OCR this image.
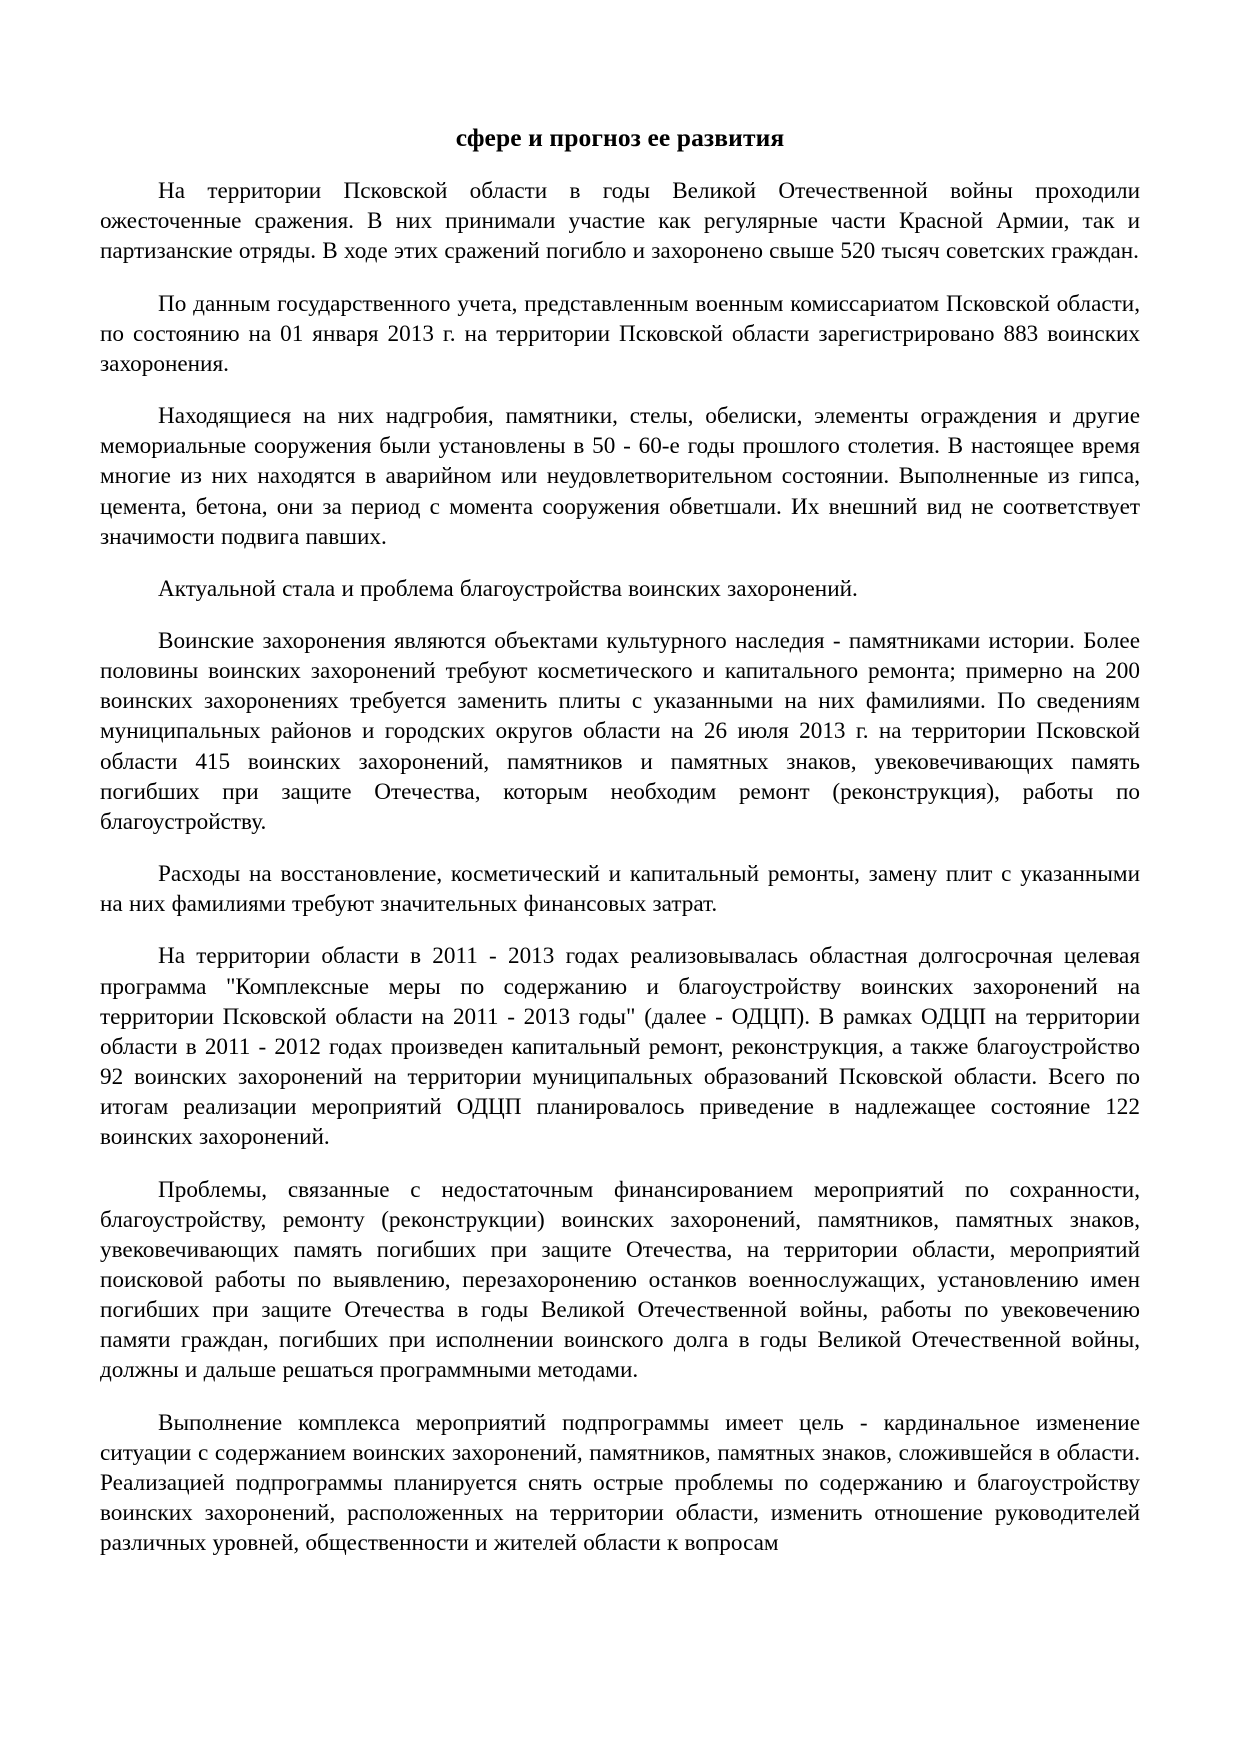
сфере и прогноз ее развития

На территории Псковской области в годы Великой Отечественной войны проходили ожесточенные сражения. В них принимали участие как регулярные части Красной Армии, так и партизанские отряды. В ходе этих сражений погибло и захоронено свыше 520 тысяч советских граждан.

По данным государственного учета, представленным военным комиссариатом Псковской области, по состоянию на 01 января 2013 г. на территории Псковской области зарегистрировано 883 воинских захоронения.

Находящиеся на них надгробия, памятники, стелы, обелиски, элементы ограждения и другие мемориальные сооружения были установлены в 50 - 60-е годы прошлого столетия. В настоящее время многие из них находятся в аварийном или неудовлетворительном состоянии. Выполненные из гипса, цемента, бетона, они за период с момента сооружения обветшали. Их внешний вид не соответствует значимости подвига павших.

Актуальной стала и проблема благоустройства воинских захоронений.

Воинские захоронения являются объектами культурного наследия - памятниками истории. Более половины воинских захоронений требуют косметического и капитального ремонта; примерно на 200 воинских захоронениях требуется заменить плиты с указанными на них фамилиями. По сведениям муниципальных районов и городских округов области на 26 июля 2013 г. на территории Псковской области 415 воинских захоронений, памятников и памятных знаков, увековечивающих память погибших при защите Отечества, которым необходим ремонт (реконструкция), работы по благоустройству.

Расходы на восстановление, косметический и капитальный ремонты, замену плит с указанными на них фамилиями требуют значительных финансовых затрат.

На территории области в 2011 - 2013 годах реализовывалась областная долгосрочная целевая программа "Комплексные меры по содержанию и благоустройству воинских захоронений на территории Псковской области на 2011 - 2013 годы" (далее - ОДЦП). В рамках ОДЦП на территории области в 2011 - 2012 годах произведен капитальный ремонт, реконструкция, а также благоустройство 92 воинских захоронений на территории муниципальных образований Псковской области. Всего по итогам реализации мероприятий ОДЦП планировалось приведение в надлежащее состояние 122 воинских захоронений.

Проблемы, связанные с недостаточным финансированием мероприятий по сохранности, благоустройству, ремонту (реконструкции) воинских захоронений, памятников, памятных знаков, увековечивающих память погибших при защите Отечества, на территории области, мероприятий поисковой работы по выявлению, перезахоронению останков военнослужащих, установлению имен погибших при защите Отечества в годы Великой Отечественной войны, работы по увековечению памяти граждан, погибших при исполнении воинского долга в годы Великой Отечественной войны, должны и дальше решаться программными методами.

Выполнение комплекса мероприятий подпрограммы имеет цель - кардинальное изменение ситуации с содержанием воинских захоронений, памятников, памятных знаков, сложившейся в области. Реализацией подпрограммы планируется снять острые проблемы по содержанию и благоустройству воинских захоронений, расположенных на территории области, изменить отношение руководителей различных уровней, общественности и жителей области к вопросам
